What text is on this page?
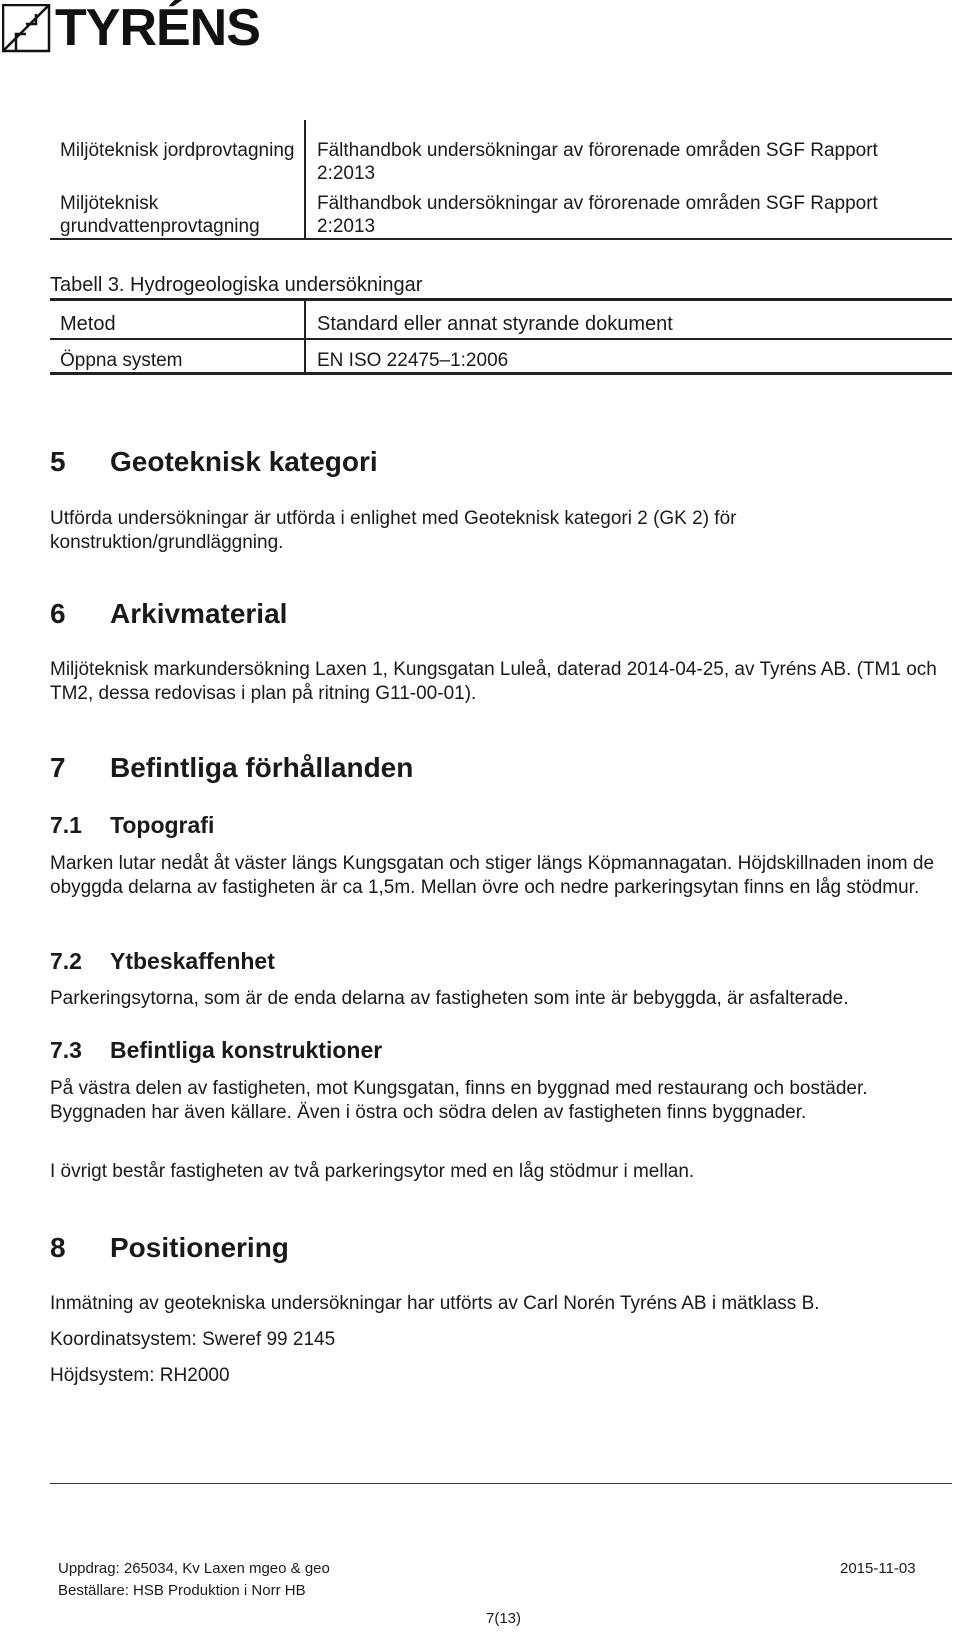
TYRÉNS
Miljöteknisk jordprovtagning Fälthandbok undersökningar av förorenade områden SGF Rapport 2:2013
Miljöteknisk grundvattenprovtagning
Fälthandbok undersökningar av förorenade områden SGF Rapport 2:2013
Tabell 3. Hydrogeologiska undersökningar
Metod	Standard eller annat styrande dokument
Öppna system	EN ISO 22475–1:2006
5 Geoteknisk kategori
Utförda undersökningar är utförda i enlighet med Geoteknisk kategori 2 (GK 2) för konstruktion/grundläggning.
6 Arkivmaterial
Miljöteknisk markundersökning Laxen 1, Kungsgatan Luleå, daterad 2014-04-25, av Tyréns AB. (TM1 och TM2, dessa redovisas i plan på ritning G11-00-01).
7 Befintliga förhållanden
7.1 Topografi
Marken lutar nedåt åt väster längs Kungsgatan och stiger längs Köpmannagatan. Höjdskillnaden inom de obyggda delarna av fastigheten är ca 1,5m. Mellan övre och nedre parkeringsytan finns en låg stödmur.
7.2 Ytbeskaffenhet
Parkeringsytorna, som är de enda delarna av fastigheten som inte är bebyggda, är asfalterade.
7.3 Befintliga konstruktioner
På västra delen av fastigheten, mot Kungsgatan, finns en byggnad med restaurang och bostäder. Byggnaden har även källare. Även i östra och södra delen av fastigheten finns byggnader.
I övrigt består fastigheten av två parkeringsytor med en låg stödmur i mellan.
8 Positionering
Inmätning av geotekniska undersökningar har utförts av Carl Norén Tyréns AB i mätklass B.
Koordinatsystem: Sweref 99 2145
Höjdsystem: RH2000
Uppdrag: 265034, Kv Laxen mgeo & geo
Beställare: HSB Produktion i Norr HB
2015-11-03
7(13)
